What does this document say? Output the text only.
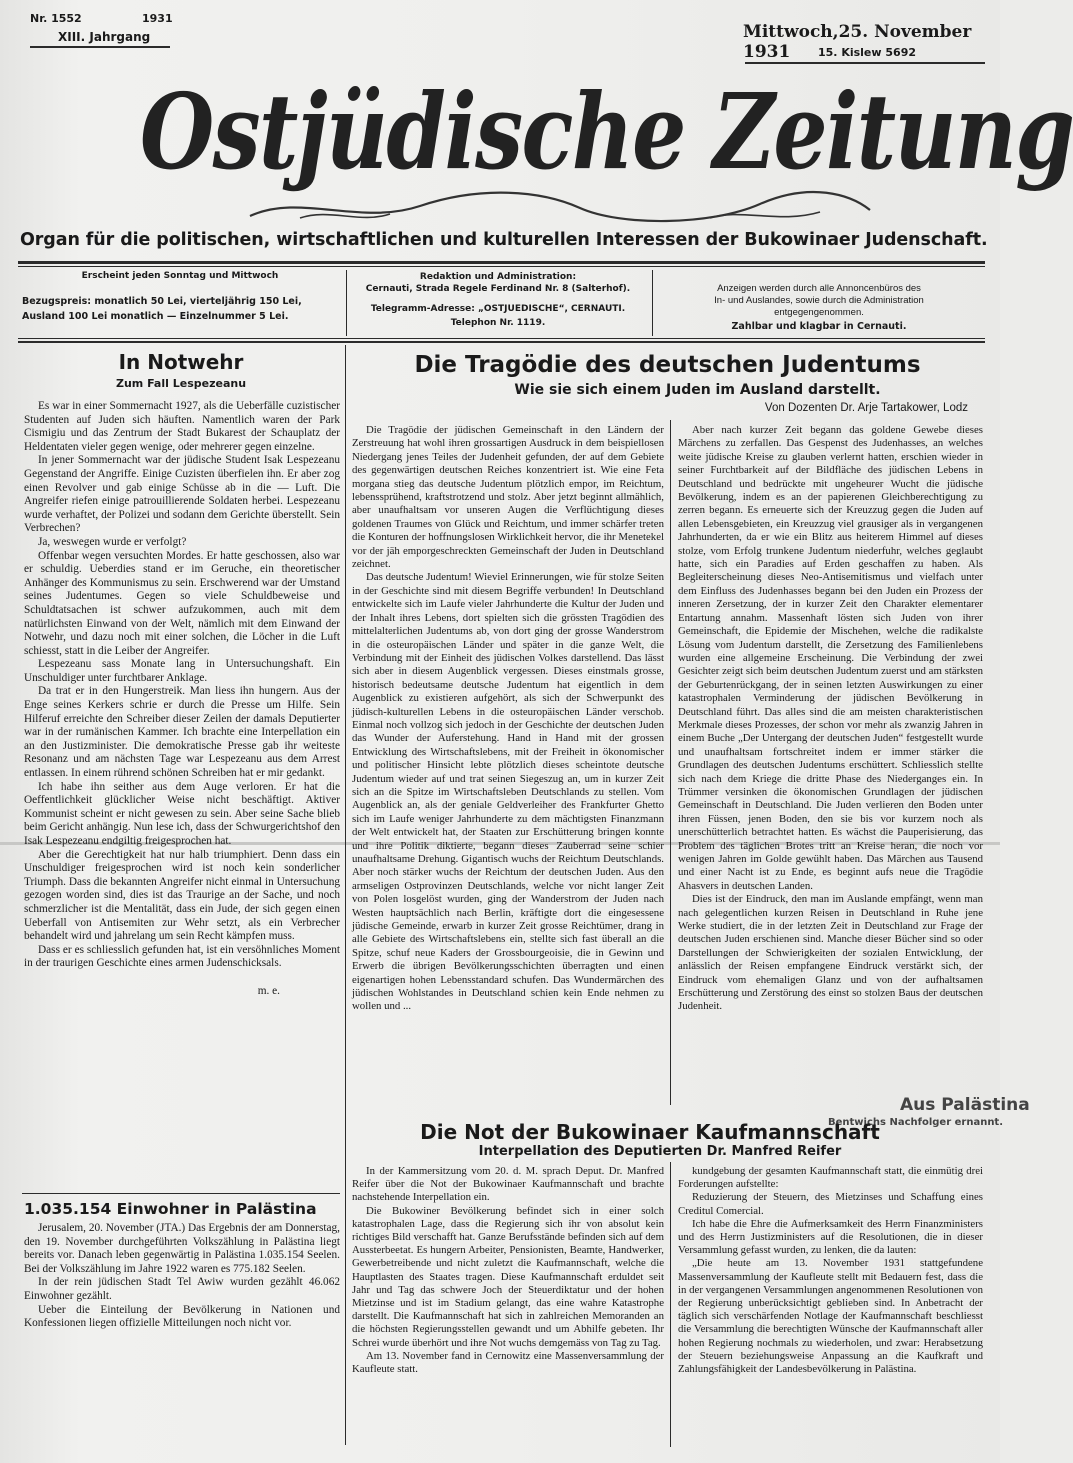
Nr. 1552	1931
XIII. Jahrgang	Mittwoch,25. November 1931	15. Kislew 5692
Ostjüdische Zeitung
Organ für die politischen, wirtschaftlichen und kulturellen Interessen der Bukowinaer Judenschaft.
Erscheint jeden Sonntag und Mittwoch
Bezugspreis: monatlich 50 Lei, vierteljährig 150 Lei,
Ausland 100 Lei monatlich — Einzelnummer 5 Lei.
Redaktion und Administration:
Cernauti, Strada Regele Ferdinand Nr. 8 (Salterhof).
Telegramm-Adresse: „OSTJUEDISCHE“, CERNAUTI.
Telephon Nr. 1119.
Anzeigen werden durch alle Annoncenbüros des
In- und Auslandes, sowie durch die Administration
entgegengenommen.
Zahlbar und klagbar in Cernauti.
In Notwehr
Zum Fall Lespezeanu

Es war in einer Sommernacht 1927, als die Ueberfälle cuzistischer Studenten auf Juden sich häuften. Namentlich waren der Park Cismigiu und das Zentrum der Stadt Bukarest der Schauplatz der Heldentaten vieler gegen wenige, oder mehrerer gegen einzelne.

In jener Sommernacht war der jüdische Student Isak Lespezeanu Gegenstand der Angriffe. Einige Cuzisten überfielen ihn. Er aber zog einen Revolver und gab einige Schüsse ab in die — Luft. Die Angreifer riefen einige patrouillierende Soldaten herbei. Lespezeanu wurde verhaftet, der Polizei und sodann dem Gerichte überstellt. Sein Verbrechen?

Ja, weswegen wurde er verfolgt?

Offenbar wegen versuchten Mordes. Er hatte geschossen, also war er schuldig. Ueberdies stand er im Geruche, ein theoretischer Anhänger des Kommunismus zu sein. Erschwerend war der Umstand seines Judentumes. Gegen so viele Schuldbeweise und Schuldtatsachen ist schwer aufzukommen, auch mit dem natürlichsten Einwand von der Welt, nämlich mit dem Einwand der Notwehr, und dazu noch mit einer solchen, die Löcher in die Luft schiesst, statt in die Leiber der Angreifer.

Lespezeanu sass Monate lang in Untersuchungshaft. Ein Unschuldiger unter furchtbarer Anklage.

Da trat er in den Hungerstreik. Man liess ihn hungern. Aus der Enge seines Kerkers schrie er durch die Presse um Hilfe. Sein Hilferuf erreichte den Schreiber dieser Zeilen der damals Deputierter war in der rumänischen Kammer. Ich brachte eine Interpellation ein an den Justizminister. Die demokratische Presse gab ihr weiteste Resonanz und am nächsten Tage war Lespezeanu aus dem Arrest entlassen. In einem rührend schönen Schreiben hat er mir gedankt.

Ich habe ihn seither aus dem Auge verloren. Er hat die Oeffentlichkeit glücklicher Weise nicht beschäftigt. Aktiver Kommunist scheint er nicht gewesen zu sein. Aber seine Sache blieb beim Gericht anhängig. Nun lese ich, dass der Schwurgerichtshof den Isak Lespezeanu endgiltig freigesprochen hat.

Aber die Gerechtigkeit hat nur halb triumphiert. Denn dass ein Unschuldiger freigesprochen wird ist noch kein sonderlicher Triumph. Dass die bekannten Angreifer nicht einmal in Untersuchung gezogen worden sind, dies ist das Traurige an der Sache, und noch schmerzlicher ist die Mentalität, dass ein Jude, der sich gegen einen Ueberfall von Antisemiten zur Wehr setzt, als ein Verbrecher behandelt wird und jahrelang um sein Recht kämpfen muss.

Dass er es schliesslich gefunden hat, ist ein versöhnliches Moment in der traurigen Geschichte eines armen Judenschicksals.

m. e.
1.035.154 Einwohner in Palästina

Jerusalem, 20. November (JTA.) Das Ergebnis der am Donnerstag, den 19. November durchgeführten Volkszählung in Palästina liegt bereits vor. Danach leben gegenwärtig in Palästina 1.035.154 Seelen. Bei der Volkszählung im Jahre 1922 waren es 775.182 Seelen.

In der rein jüdischen Stadt Tel Awiw wurden gezählt 46.062 Einwohner gezählt.

Ueber die Einteilung der Bevölkerung in Nationen und Konfessionen liegen offizielle Mitteilungen noch nicht vor.

Die Tragödie des deutschen Judentums
Wie sie sich einem Juden im Ausland darstellt.
Von Dozenten Dr. Arje Tartakower, Lodz

Die Tragödie der jüdischen Gemeinschaft in den Ländern der Zerstreuung hat wohl ihren grossartigen Ausdruck in dem beispiellosen Niedergang jenes Teiles der Judenheit gefunden, der auf dem Gebiete des gegenwärtigen deutschen Reiches konzentriert ist. Wie eine Feta morgana stieg das deutsche Judentum plötzlich empor, im Reichtum, lebenssprühend, kraftstrotzend und stolz. Aber jetzt beginnt allmählich, aber unaufhaltsam vor unseren Augen die Verflüchtigung dieses goldenen Traumes von Glück und Reichtum, und immer schärfer treten die Konturen der hoffnungslosen Wirklichkeit hervor, die ihr Menetekel vor der jäh emporgeschreckten Gemeinschaft der Juden in Deutschland zeichnet.

Das deutsche Judentum! Wieviel Erinnerungen, wie für stolze Seiten in der Geschichte sind mit diesem Begriffe verbunden! In Deutschland entwickelte sich im Laufe vieler Jahrhunderte die Kultur der Juden und der Inhalt ihres Lebens, dort spielten sich die grössten Tragödien des mittelalterlichen Judentums ab, von dort ging der grosse Wanderstrom in die osteuropäischen Länder und später in die ganze Welt, die Verbindung mit der Einheit des jüdischen Volkes darstellend. Das lässt sich aber in diesem Augenblick vergessen. Dieses einstmals grosse, historisch bedeutsame deutsche Judentum hat eigentlich in dem Augenblick zu existieren aufgehört, als sich der Schwerpunkt des jüdisch-kulturellen Lebens in die osteuropäischen Länder verschob. Einmal noch vollzog sich jedoch in der Geschichte der deutschen Juden das Wunder der Auferstehung. Hand in Hand mit der grossen Entwicklung des Wirtschaftslebens, mit der Freiheit in ökonomischer und politischer Hinsicht lebte plötzlich dieses scheintote deutsche Judentum wieder auf und trat seinen Siegeszug an, um in kurzer Zeit sich an die Spitze im Wirtschaftsleben Deutschlands zu stellen. Vom Augenblick an, als der geniale Geldverleiher des Frankfurter Ghetto sich im Laufe weniger Jahrhunderte zu dem mächtigsten Finanzmann der Welt entwickelt hat, der Staaten zur Erschütterung bringen konnte und ihre Politik diktierte, begann dieses Zauberrad seine schier unaufhaltsame Drehung. Gigantisch wuchs der Reichtum Deutschlands. Aber noch stärker wuchs der Reichtum der deutschen Juden. Aus den armseligen Ostprovinzen Deutschlands, welche vor nicht langer Zeit von Polen losgelöst wurden, ging der Wanderstrom der Juden nach Westen hauptsächlich nach Berlin, kräftigte dort die eingesessene jüdische Gemeinde, erwarb in kurzer Zeit grosse Reichtümer, drang in alle Gebiete des Wirtschaftslebens ein, stellte sich fast überall an die Spitze, schuf neue Kaders der Grossbourgeoisie, die in Gewinn und Erwerb die übrigen Bevölkerungsschichten überragten und einen eigenartigen hohen Lebensstandard schufen. Das Wundermärchen des jüdischen Wohlstandes in Deutschland schien kein Ende nehmen zu wollen und ...

Aber nach kurzer Zeit begann das goldene Gewebe dieses Märchens zu zerfallen. Das Gespenst des Judenhasses, an welches weite jüdische Kreise zu glauben verlernt hatten, erschien wieder in seiner Furchtbarkeit auf der Bildfläche des jüdischen Lebens in Deutschland und bedrückte mit ungeheurer Wucht die jüdische Bevölkerung, indem es an der papierenen Gleichberechtigung zu zerren begann. Es erneuerte sich der Kreuzzug gegen die Juden auf allen Lebensgebieten, ein Kreuzzug viel grausiger als in vergangenen Jahrhunderten, da er wie ein Blitz aus heiterem Himmel auf dieses stolze, vom Erfolg trunkene Judentum niederfuhr, welches geglaubt hatte, sich ein Paradies auf Erden geschaffen zu haben. Als Begleiterscheinung dieses Neo-Antisemitismus und vielfach unter dem Einfluss des Judenhasses begann bei den Juden ein Prozess der inneren Zersetzung, der in kurzer Zeit den Charakter elementarer Entartung annahm. Massenhaft lösten sich Juden von ihrer Gemeinschaft, die Epidemie der Mischehen, welche die radikalste Lösung vom Judentum darstellt, die Zersetzung des Familienlebens wurden eine allgemeine Erscheinung. Die Verbindung der zwei Gesichter zeigt sich beim deutschen Judentum zuerst und am stärksten der Geburtenrückgang, der in seinen letzten Auswirkungen zu einer katastrophalen Verminderung der jüdischen Bevölkerung in Deutschland führt. Das alles sind die am meisten charakteristischen Merkmale dieses Prozesses, der schon vor mehr als zwanzig Jahren in einem Buche „Der Untergang der deutschen Juden“ festgestellt wurde und unaufhaltsam fortschreitet indem er immer stärker die Grundlagen des deutschen Judentums erschüttert. Schliesslich stellte sich nach dem Kriege die dritte Phase des Niederganges ein. In Trümmer versinken die ökonomischen Grundlagen der jüdischen Gemeinschaft in Deutschland. Die Juden verlieren den Boden unter ihren Füssen, jenen Boden, den sie bis vor kurzem noch als unerschütterlich betrachtet hatten. Es wächst die Pauperisierung, das Problem des täglichen Brotes tritt an Kreise heran, die noch vor wenigen Jahren im Golde gewühlt haben. Das Märchen aus Tausend und einer Nacht ist zu Ende, es beginnt aufs neue die Tragödie Ahasvers in deutschen Landen.

Dies ist der Eindruck, den man im Auslande empfängt, wenn man nach gelegentlichen kurzen Reisen in Deutschland in Ruhe jene Werke studiert, die in der letzten Zeit in Deutschland zur Frage der deutschen Juden erschienen sind. Manche dieser Bücher sind so oder Darstellungen der Schwierigkeiten der sozialen Entwicklung, der anlässlich der Reisen empfangene Eindruck verstärkt sich, der Eindruck vom ehemaligen Glanz und von der aufhaltsamen Erschütterung und Zerstörung des einst so stolzen Baus der deutschen Judenheit.

Aus Palästina
Bentwichs Nachfolger ernannt.
Die Not der Bukowinaer Kaufmannschaft
Interpellation des Deputierten Dr. Manfred Reifer

In der Kammersitzung vom 20. d. M. sprach Deput. Dr. Manfred Reifer über die Not der Bukowinaer Kaufmannschaft und brachte nachstehende Interpellation ein.

Die Bukowiner Bevölkerung befindet sich in einer solch katastrophalen Lage, dass die Regierung sich ihr von absolut kein richtiges Bild verschafft hat. Ganze Berufsstände befinden sich auf dem Aussterbeetat. Es hungern Arbeiter, Pensionisten, Beamte, Handwerker, Gewerbetreibende und nicht zuletzt die Kaufmannschaft, welche die Hauptlasten des Staates tragen. Diese Kaufmannschaft erduldet seit Jahr und Tag das schwere Joch der Steuerdiktatur und der hohen Mietzinse und ist im Stadium gelangt, das eine wahre Katastrophe darstellt. Die Kaufmannschaft hat sich in zahlreichen Memoranden an die höchsten Regierungsstellen gewandt und um Abhilfe gebeten. Ihr Schrei wurde überhört und ihre Not wuchs demgemäss von Tag zu Tag.

Am 13. November fand in Cernowitz eine Massenversammlung der Kaufleute statt.

kundgebung der gesamten Kaufmannschaft statt, die einmütig drei Forderungen aufstellte:

Reduzierung der Steuern, des Mietzinses und Schaffung eines Creditul Comercial.

Ich habe die Ehre die Aufmerksamkeit des Herrn Finanzministers und des Herrn Justizministers auf die Resolutionen, die in dieser Versammlung gefasst wurden, zu lenken, die da lauten:

„Die heute am 13. November 1931 stattgefundene Massenversammlung der Kaufleute stellt mit Bedauern fest, dass die in der vergangenen Versammlungen angenommenen Resolutionen von der Regierung unberücksichtigt geblieben sind. In Anbetracht der täglich sich verschärfenden Notlage der Kaufmannschaft beschliesst die Versammlung die berechtigten Wünsche der Kaufmannschaft aller hohen Regierung nochmals zu wiederholen, und zwar: Herabsetzung der Steuern beziehungsweise Anpassung an die Kaufkraft und Zahlungsfähigkeit der Landesbevölkerung in Palästina.
